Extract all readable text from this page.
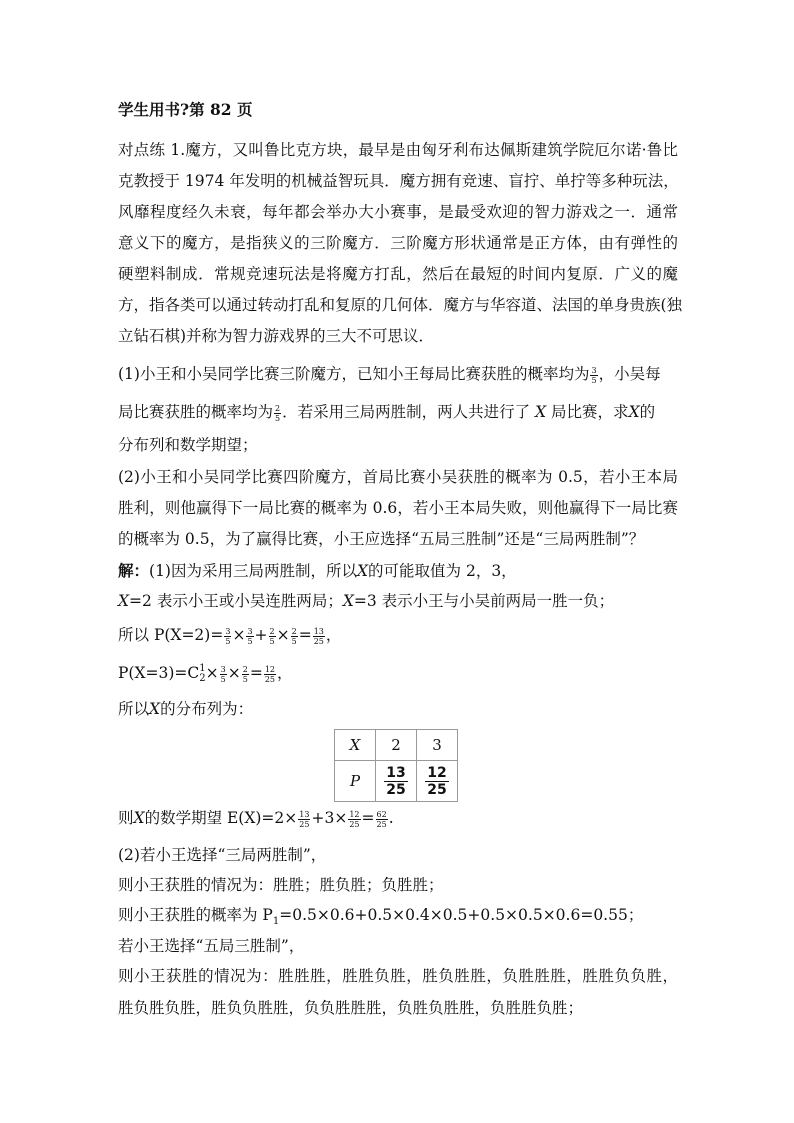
学生用书?第 82 页
对点练 1.魔方，又叫鲁比克方块，最早是由匈牙利布达佩斯建筑学院厄尔诺·鲁比
克教授于 1974 年发明的机械益智玩具．魔方拥有竞速、盲拧、单拧等多种玩法，
风靡程度经久未衰，每年都会举办大小赛事，是最受欢迎的智力游戏之一．通常
意义下的魔方，是指狭义的三阶魔方．三阶魔方形状通常是正方体，由有弹性的
硬塑料制成．常规竞速玩法是将魔方打乱，然后在最短的时间内复原．广义的魔
方，指各类可以通过转动打乱和复原的几何体．魔方与华容道、法国的单身贵族(独
立钻石棋)并称为智力游戏界的三大不可思议．
(1)小王和小吴同学比赛三阶魔方，已知小王每局比赛获胜的概率均为 $\frac{3}{5}$ ，小吴每
局比赛获胜的概率均为 $\frac{2}{5}$ ．若采用三局两胜制，两人共进行了 X 局比赛，求X的
分布列和数学期望；
(2)小王和小吴同学比赛四阶魔方，首局比赛小吴获胜的概率为 0.5，若小王本局
胜利，则他赢得下一局比赛的概率为 0.6，若小王本局失败，则他赢得下一局比赛
的概率为 0.5，为了赢得比赛，小王应选择“五局三胜制”还是“三局两胜制”？
解：(1)因为采用三局两胜制，所以X的可能取值为 2，3，
X=2 表示小王或小吴连胜两局；X=3 表示小王与小吴前两局一胜一负；
所以 $P(X=2)= \frac{3}{5} \times \frac{3}{5} + \frac{2}{5} \times \frac{2}{5} = \frac{13}{25}$ ，
P(X=3)=C 1
$2 \times \frac{3}{5} \times \frac{2}{5} = \frac{12}{25}$ ，
所以X的分布列为：
X	2	3
P	$\frac{13}{25}$	$\frac{12}{25}$
则X的数学期望 $E(X)=2\times \frac{13}{25} +3\times \frac{12}{25} = \frac{62}{25}$ .
(2)若小王选择“三局两胜制”，
则小王获胜的情况为：胜胜；胜负胜；负胜胜；
则小王获胜的概率为 $P_1=0.5\times 0.6+0.5\times 0.4\times 0.5+0.5\times 0.5\times 0.6=0.55$；
若小王选择“五局三胜制”，
则小王获胜的情况为：胜胜胜，胜胜负胜，胜负胜胜，负胜胜胜，胜胜负负胜，
胜负胜负胜，胜负负胜胜，负负胜胜胜，负胜负胜胜，负胜胜负胜；
